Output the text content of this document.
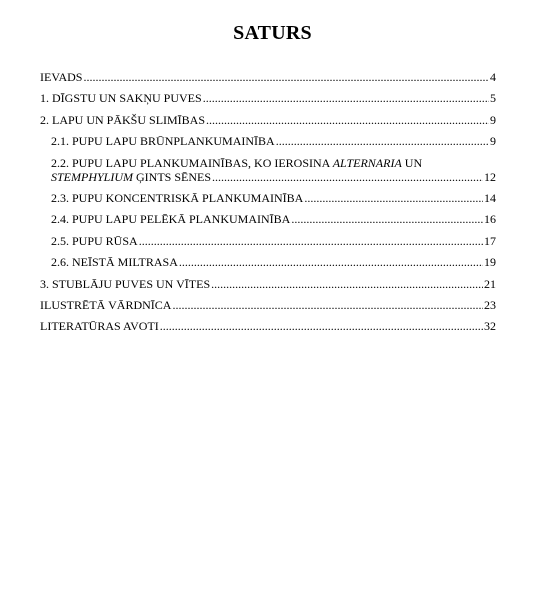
SATURS
IEVADS .....	4
1. DĪGSTU UN SAKŅU PUVES .....	5
2. LAPU UN PĀKŠU SLIMĪBAS .....	9
2.1. PUPU LAPU BRŪNPLANKUMAINĪBA .....	9
2.2. PUPU LAPU PLANKUMAINĪBAS, KO IEROSINA ALTERNARIA UN
STEMPHYLIUM ĢINTS SĒNES .....	12
2.3. PUPU KONCENTRISKĀ PLANKUMAINĪBA .....	14
2.4. PUPU LAPU PELĒKĀ PLANKUMAINĪBA .....	16
2.5. PUPU RŪSA .....	17
2.6. NEĪSTĀ MILTRASA .....	19
3. STUBLĀJU PUVES UN VĪTES .....	21
ILUSTRĒTĀ VĀRDNĪCA .....	23
LITERATŪRAS AVOTI .....	32
